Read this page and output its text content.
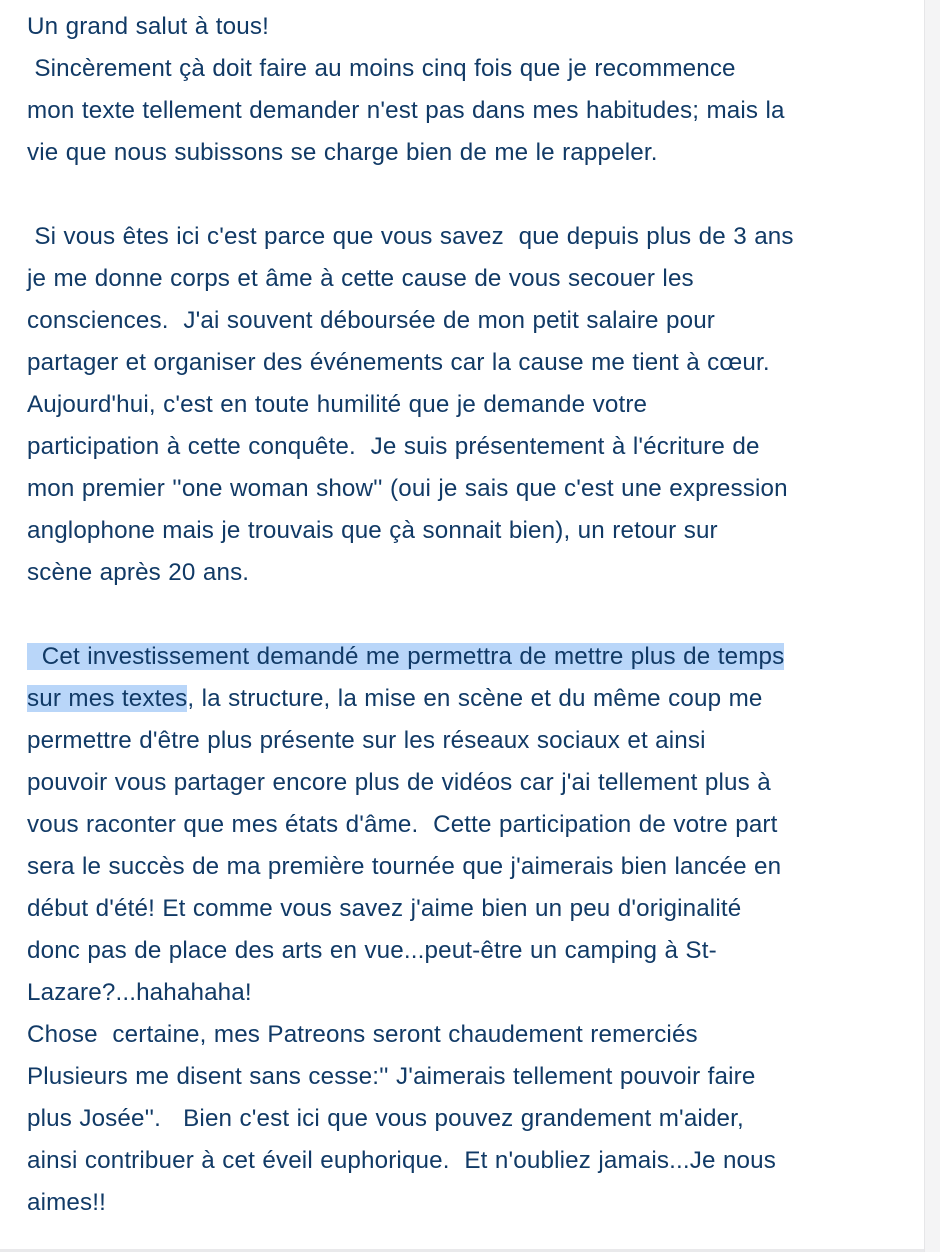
Un grand salut à tous!
Sincèrement çà doit faire au moins cinq fois que je recommence
mon texte tellement demander n'est pas dans mes habitudes; mais la
vie que nous subissons se charge bien de me le rappeler.
Si vous êtes ici c'est parce que vous savez  que depuis plus de 3 ans
je me donne corps et âme à cette cause de vous secouer les
consciences.  J'ai souvent déboursée de mon petit salaire pour
partager et organiser des événements car la cause me tient à cœur.
Aujourd'hui, c'est en toute humilité que je demande votre
participation à cette conquête.  Je suis présentement à l'écriture de
mon premier ''one woman show'' (oui je sais que c'est une expression
anglophone mais je trouvais que çà sonnait bien), un retour sur
scène après 20 ans.
Cet investissement demandé me permettra de mettre plus de temps
sur mes textes, la structure, la mise en scène et du même coup me
permettre d'être plus présente sur les réseaux sociaux et ainsi
pouvoir vous partager encore plus de vidéos car j'ai tellement plus à
vous raconter que mes états d'âme.  Cette participation de votre part
sera le succès de ma première tournée que j'aimerais bien lancée en
début d'été! Et comme vous savez j'aime bien un peu d'originalité
donc pas de place des arts en vue...peut-être un camping à St-
Lazare?...hahahaha!
Chose  certaine, mes Patreons seront chaudement remerciés
Plusieurs me disent sans cesse:'' J'aimerais tellement pouvoir faire
plus Josée''.   Bien c'est ici que vous pouvez grandement m'aider,
ainsi contribuer à cet éveil euphorique.  Et n'oubliez jamais...Je nous
aimes!!
